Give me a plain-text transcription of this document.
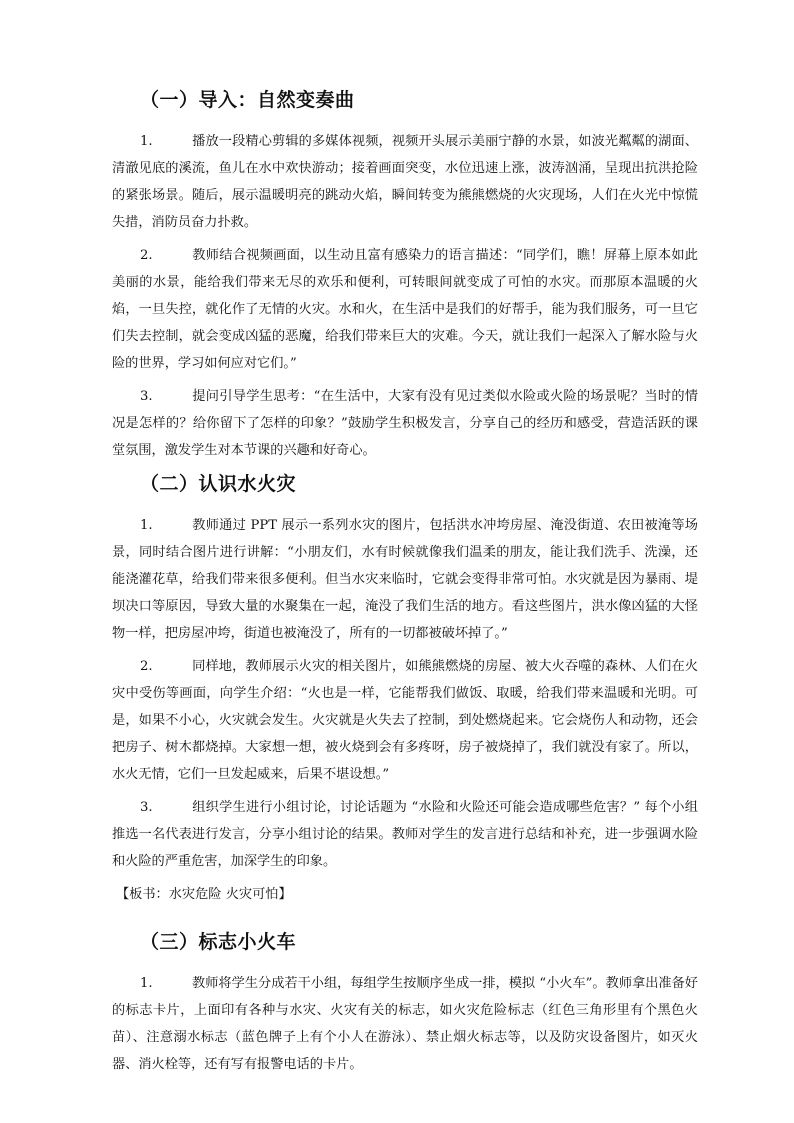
（一）导入：自然变奏曲

1.	播放一段精心剪辑的多媒体视频，视频开头展示美丽宁静的水景，如波光粼粼的湖面、清澈见底的溪流，鱼儿在水中欢快游动；接着画面突变，水位迅速上涨，波涛汹涌，呈现出抗洪抢险的紧张场景。随后，展示温暖明亮的跳动火焰，瞬间转变为熊熊燃烧的火灾现场，人们在火光中惊慌失措，消防员奋力扑救。

2.	教师结合视频画面，以生动且富有感染力的语言描述：“同学们，瞧！屏幕上原本如此美丽的水景，能给我们带来无尽的欢乐和便利，可转眼间就变成了可怕的水灾。而那原本温暖的火焰，一旦失控，就化作了无情的火灾。水和火，在生活中是我们的好帮手，能为我们服务，可一旦它们失去控制，就会变成凶猛的恶魔，给我们带来巨大的灾难。今天，就让我们一起深入了解水险与火险的世界，学习如何应对它们。”

3.	提问引导学生思考：“在生活中，大家有没有见过类似水险或火险的场景呢？当时的情况是怎样的？给你留下了怎样的印象？”鼓励学生积极发言，分享自己的经历和感受，营造活跃的课堂氛围，激发学生对本节课的兴趣和好奇心。

（二）认识水火灾

1.	教师通过 PPT 展示一系列水灾的图片，包括洪水冲垮房屋、淹没街道、农田被淹等场景，同时结合图片进行讲解：“小朋友们，水有时候就像我们温柔的朋友，能让我们洗手、洗澡，还能浇灌花草，给我们带来很多便利。但当水灾来临时，它就会变得非常可怕。水灾就是因为暴雨、堤坝决口等原因，导致大量的水聚集在一起，淹没了我们生活的地方。看这些图片，洪水像凶猛的大怪物一样，把房屋冲垮，街道也被淹没了，所有的一切都被破坏掉了。”

2.	同样地，教师展示火灾的相关图片，如熊熊燃烧的房屋、被大火吞噬的森林、人们在火灾中受伤等画面，向学生介绍：“火也是一样，它能帮我们做饭、取暖，给我们带来温暖和光明。可是，如果不小心，火灾就会发生。火灾就是火失去了控制，到处燃烧起来。它会烧伤人和动物，还会把房子、树木都烧掉。大家想一想，被火烧到会有多疼呀，房子被烧掉了，我们就没有家了。所以，水火无情，它们一旦发起威来，后果不堪设想。”

3.	组织学生进行小组讨论，讨论话题为 “水险和火险还可能会造成哪些危害？” 每个小组推选一名代表进行发言，分享小组讨论的结果。教师对学生的发言进行总结和补充，进一步强调水险和火险的严重危害，加深学生的印象。

【板书：水灾危险 火灾可怕】

（三）标志小火车

1.	教师将学生分成若干小组，每组学生按顺序坐成一排，模拟 “小火车”。教师拿出准备好的标志卡片，上面印有各种与水灾、火灾有关的标志，如火灾危险标志（红色三角形里有个黑色火苗）、注意溺水标志（蓝色牌子上有个小人在游泳）、禁止烟火标志等，以及防灾设备图片，如灭火器、消火栓等，还有写有报警电话的卡片。
